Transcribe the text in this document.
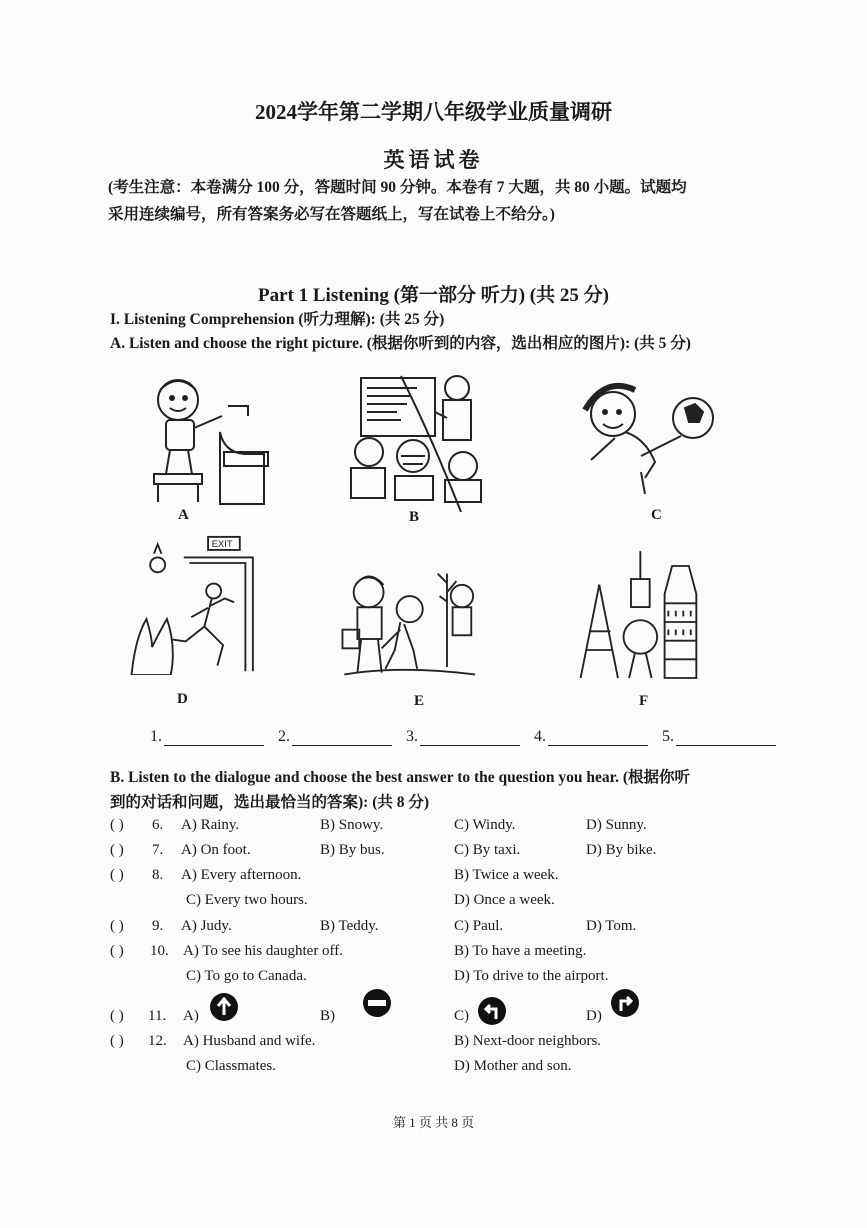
2024学年第二学期八年级学业质量调研
英语试卷
(考生注意：本卷满分 100 分，答题时间 90 分钟。本卷有 7 大题，共 80 小题。试题均
采用连续编号，所有答案务必写在答题纸上，写在试卷上不给分。)
Part 1 Listening (第一部分 听力) (共 25 分)
I. Listening Comprehension (听力理解): (共 25 分)
A. Listen and choose the right picture. (根据你听到的内容，选出相应的图片): (共 5 分)
A	B	C
EXIT
D	E	F
1.	2.	3.	4.	5.
B. Listen to the dialogue and choose the best answer to the question you hear. (根据你听
到的对话和问题，选出最恰当的答案): (共 8 分)
( ) 6. A) Rainy.	B) Snowy.	C) Windy.	D) Sunny.
( ) 7. A) On foot.	B) By bus.	C) By taxi.	D) By bike.
( ) 8. A) Every afternoon.	B) Twice a week.
C) Every two hours.	D) Once a week.
( ) 9. A) Judy.	B) Teddy.	C) Paul.	D) Tom.
( ) 10. A) To see his daughter off.	B) To have a meeting.
C) To go to Canada.	D) To drive to the airport.
( ) 11. A)	B)	C)	D)
( ) 12. A) Husband and wife.	B) Next-door neighbors.
C) Classmates.	D) Mother and son.
第 1 页 共 8 页
